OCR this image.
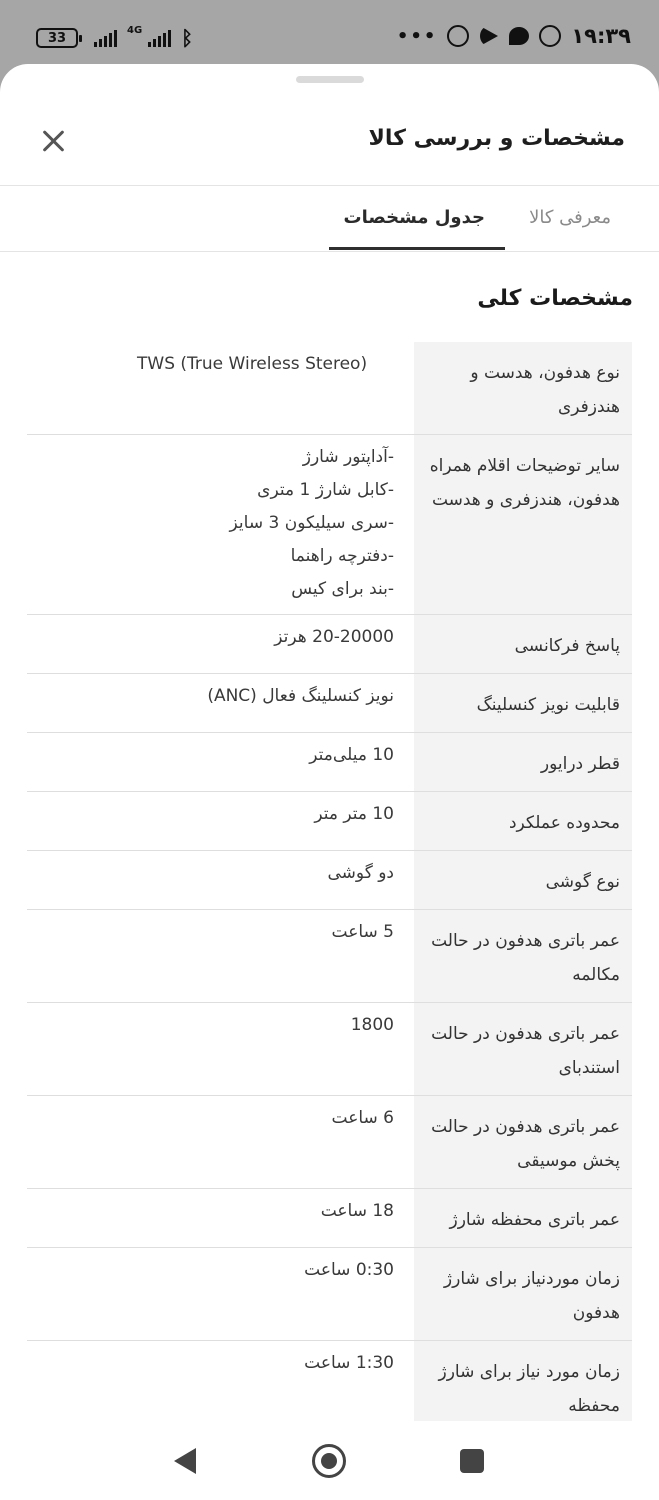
33
4G ᛒ	•••	۱۹:۳۹
مشخصات و بررسی کالا
معرفی کالا
جدول مشخصات
مشخصات کلی
نوع هدفون، هدست و هندزفری
TWS (True Wireless Stereo)
سایر توضیحات اقلام همراه هدفون، هندزفری و هدست
-آداپتور شارژ
-کابل شارژ 1 متری
-سری سیلیکون 3 سایز
-دفترچه راهنما
-بند برای کیس
پاسخ فرکانسی
20-20000 هرتز
قابلیت نویز کنسلینگ
نویز کنسلینگ فعال (ANC)
قطر درایور
10 میلی‌متر
محدوده عملکرد
10 متر متر
نوع گوشی
دو گوشی
عمر باتری هدفون در حالت مکالمه
5 ساعت
عمر باتری هدفون در حالت استندبای
1800
عمر باتری هدفون در حالت پخش موسیقی
6 ساعت
عمر باتری محفظه شارژ
18 ساعت
زمان موردنیاز برای شارژ هدفون
0:30 ساعت
زمان مورد نیاز برای شارژ محفظه
1:30 ساعت
